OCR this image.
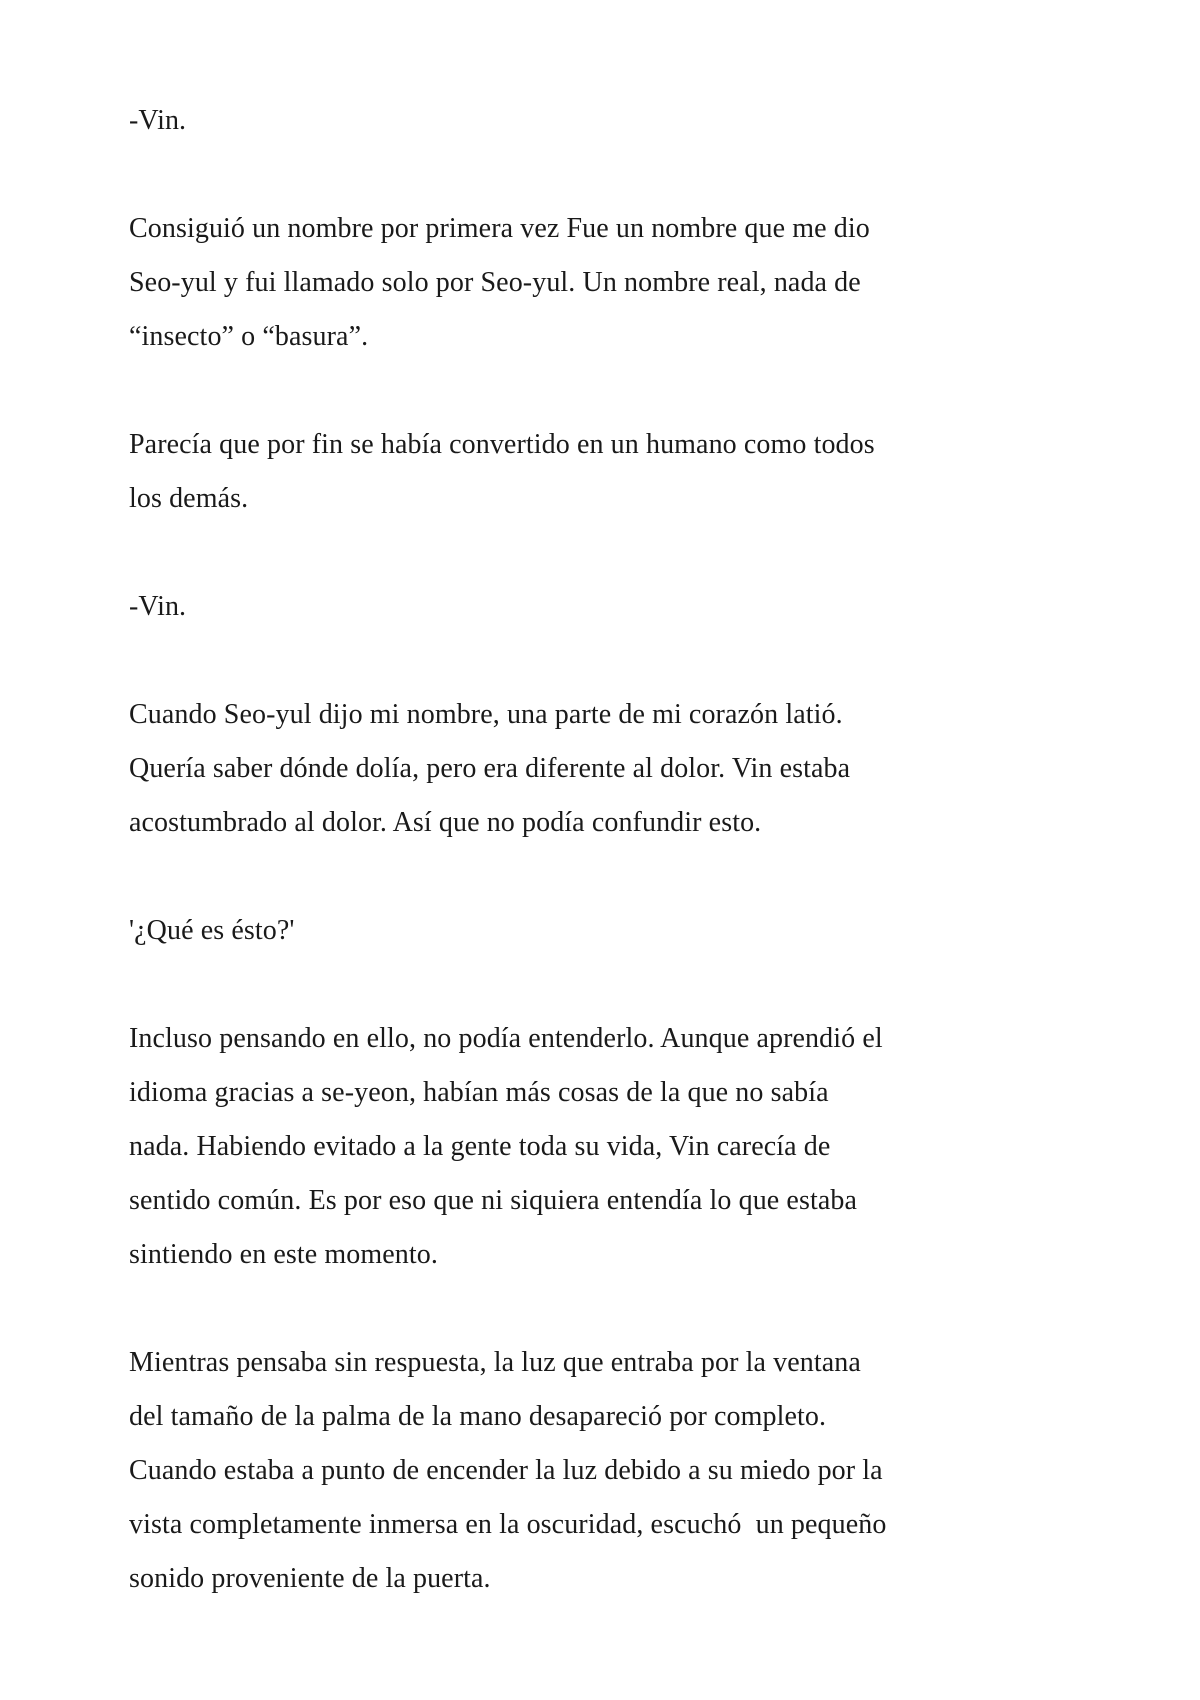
-Vin.

Consiguió un nombre por primera vez Fue un nombre que me dio
Seo-yul y fui llamado solo por Seo-yul. Un nombre real, nada de
“insecto” o “basura”.

Parecía que por fin se había convertido en un humano como todos
los demás.

-Vin.

Cuando Seo-yul dijo mi nombre, una parte de mi corazón latió.
Quería saber dónde dolía, pero era diferente al dolor. Vin estaba
acostumbrado al dolor. Así que no podía confundir esto.

'¿Qué es ésto?'

Incluso pensando en ello, no podía entenderlo. Aunque aprendió el
idioma gracias a se-yeon, habían más cosas de la que no sabía
nada. Habiendo evitado a la gente toda su vida, Vin carecía de
sentido común. Es por eso que ni siquiera entendía lo que estaba
sintiendo en este momento.

Mientras pensaba sin respuesta, la luz que entraba por la ventana
del tamaño de la palma de la mano desapareció por completo.
Cuando estaba a punto de encender la luz debido a su miedo por la
vista completamente inmersa en la oscuridad, escuchó  un pequeño
sonido proveniente de la puerta.
